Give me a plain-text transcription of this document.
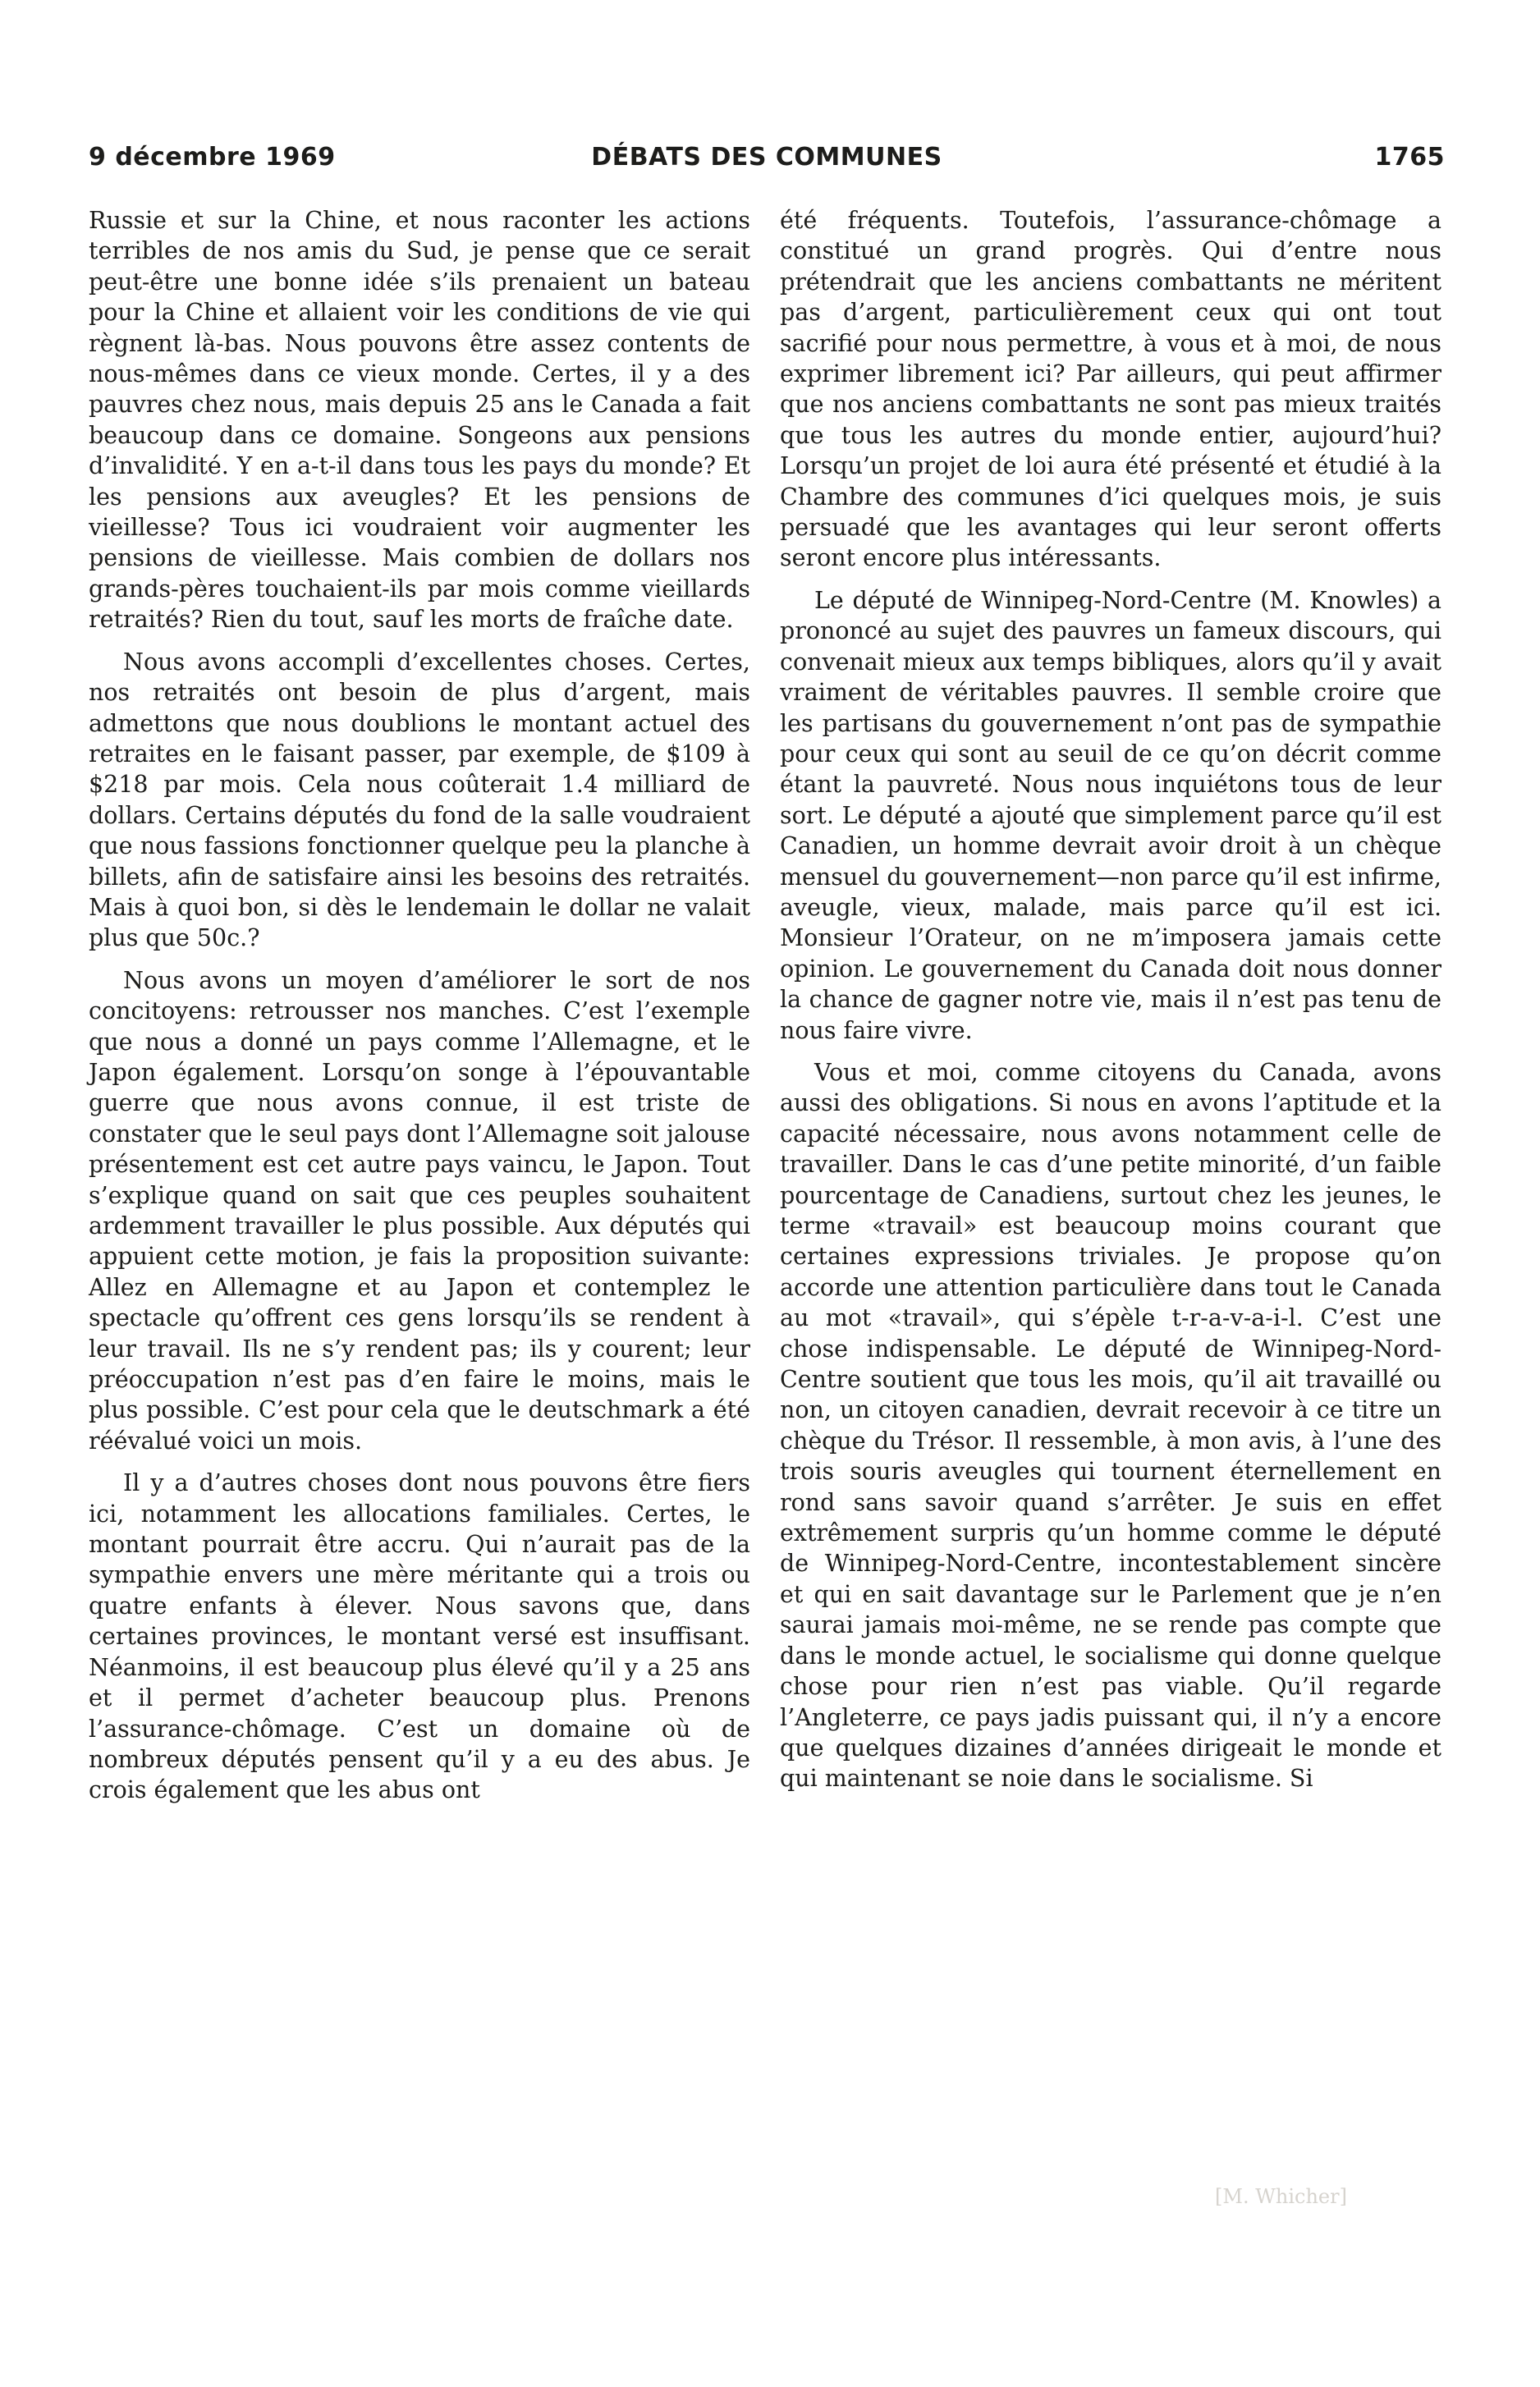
9 décembre 1969	DÉBATS DES COMMUNES	1765

Russie et sur la Chine, et nous raconter les actions terribles de nos amis du Sud, je pense que ce serait peut-être une bonne idée s’ils prenaient un bateau pour la Chine et allaient voir les conditions de vie qui règnent là-bas. Nous pouvons être assez contents de nous-mêmes dans ce vieux monde. Certes, il y a des pauvres chez nous, mais depuis 25 ans le Canada a fait beaucoup dans ce domaine. Songeons aux pensions d’invalidité. Y en a-t-il dans tous les pays du monde? Et les pensions aux aveugles? Et les pensions de vieillesse? Tous ici voudraient voir augmenter les pensions de vieillesse. Mais combien de dollars nos grands-pères touchaient-ils par mois comme vieillards retraités? Rien du tout, sauf les morts de fraîche date.

Nous avons accompli d’excellentes choses. Certes, nos retraités ont besoin de plus d’argent, mais admettons que nous doublions le montant actuel des retraites en le faisant passer, par exemple, de $109 à $218 par mois. Cela nous coûterait 1.4 milliard de dollars. Certains députés du fond de la salle voudraient que nous fassions fonctionner quelque peu la planche à billets, afin de satisfaire ainsi les besoins des retraités. Mais à quoi bon, si dès le lendemain le dollar ne valait plus que 50c.?

Nous avons un moyen d’améliorer le sort de nos concitoyens: retrousser nos manches. C’est l’exemple que nous a donné un pays comme l’Allemagne, et le Japon également. Lorsqu’on songe à l’épouvantable guerre que nous avons connue, il est triste de constater que le seul pays dont l’Allemagne soit jalouse présentement est cet autre pays vaincu, le Japon. Tout s’explique quand on sait que ces peuples souhaitent ardemment travailler le plus possible. Aux députés qui appuient cette motion, je fais la proposition suivante: Allez en Allemagne et au Japon et contemplez le spectacle qu’offrent ces gens lorsqu’ils se rendent à leur travail. Ils ne s’y rendent pas; ils y courent; leur préoccupation n’est pas d’en faire le moins, mais le plus possible. C’est pour cela que le deutschmark a été réévalué voici un mois.

Il y a d’autres choses dont nous pouvons être fiers ici, notamment les allocations familiales. Certes, le montant pourrait être accru. Qui n’aurait pas de la sympathie envers une mère méritante qui a trois ou quatre enfants à élever. Nous savons que, dans certaines provinces, le montant versé est insuffisant. Néanmoins, il est beaucoup plus élevé qu’il y a 25 ans et il permet d’acheter beaucoup plus. Prenons l’assurance-chômage. C’est un domaine où de nombreux députés pensent qu’il y a eu des abus. Je crois également que les abus ont

été fréquents. Toutefois, l’assurance-chômage a constitué un grand progrès. Qui d’entre nous prétendrait que les anciens combattants ne méritent pas d’argent, particulièrement ceux qui ont tout sacrifié pour nous permettre, à vous et à moi, de nous exprimer librement ici? Par ailleurs, qui peut affirmer que nos anciens combattants ne sont pas mieux traités que tous les autres du monde entier, aujourd’hui? Lorsqu’un projet de loi aura été présenté et étudié à la Chambre des communes d’ici quelques mois, je suis persuadé que les avantages qui leur seront offerts seront encore plus intéressants.

Le député de Winnipeg-Nord-Centre (M. Knowles) a prononcé au sujet des pauvres un fameux discours, qui convenait mieux aux temps bibliques, alors qu’il y avait vraiment de véritables pauvres. Il semble croire que les partisans du gouvernement n’ont pas de sympathie pour ceux qui sont au seuil de ce qu’on décrit comme étant la pauvreté. Nous nous inquiétons tous de leur sort. Le député a ajouté que simplement parce qu’il est Canadien, un homme devrait avoir droit à un chèque mensuel du gouvernement—non parce qu’il est infirme, aveugle, vieux, malade, mais parce qu’il est ici. Monsieur l’Orateur, on ne m’imposera jamais cette opinion. Le gouvernement du Canada doit nous donner la chance de gagner notre vie, mais il n’est pas tenu de nous faire vivre.

Vous et moi, comme citoyens du Canada, avons aussi des obligations. Si nous en avons l’aptitude et la capacité nécessaire, nous avons notamment celle de travailler. Dans le cas d’une petite minorité, d’un faible pourcentage de Canadiens, surtout chez les jeunes, le terme «travail» est beaucoup moins courant que certaines expressions triviales. Je propose qu’on accorde une attention particulière dans tout le Canada au mot «travail», qui s’épèle t-r-a-v-a-i-l. C’est une chose indispensable. Le député de Winnipeg-Nord-Centre soutient que tous les mois, qu’il ait travaillé ou non, un citoyen canadien, devrait recevoir à ce titre un chèque du Trésor. Il ressemble, à mon avis, à l’une des trois souris aveugles qui tournent éternellement en rond sans savoir quand s’arrêter. Je suis en effet extrêmement surpris qu’un homme comme le député de Winnipeg-Nord-Centre, incontestablement sincère et qui en sait davantage sur le Parlement que je n’en saurai jamais moi-même, ne se rende pas compte que dans le monde actuel, le socialisme qui donne quelque chose pour rien n’est pas viable. Qu’il regarde l’Angleterre, ce pays jadis puissant qui, il n’y a encore que quelques dizaines d’années dirigeait le monde et qui maintenant se noie dans le socialisme. Si

[M. Whicher]
